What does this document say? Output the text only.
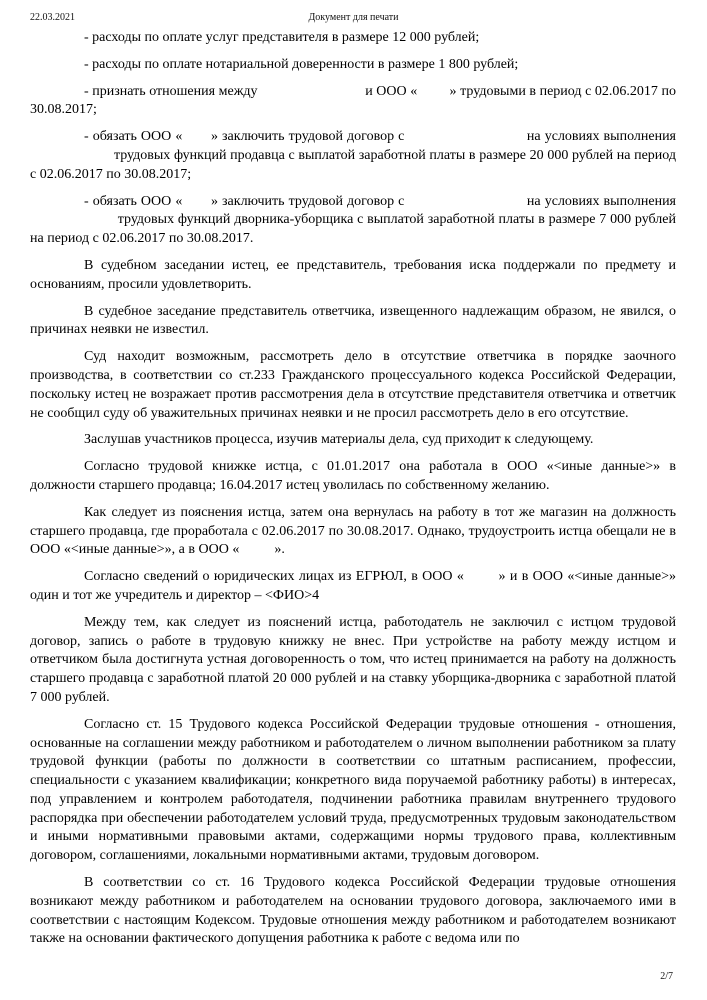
Документ для печати
22.03.2021

- расходы по оплате услуг представителя в размере 12 000 рублей;

- расходы по оплате нотариальной доверенности в размере 1 800 рублей;

- признать отношения между                              и ООО «         » трудовыми в период с 02.06.2017 по 30.08.2017;

- обязать ООО «       » заключить трудовой договор с                              на условиях выполнения                        трудовых функций продавца с выплатой заработной платы в размере 20 000 рублей на период с 02.06.2017 по 30.08.2017;

- обязать ООО «       » заключить трудовой договор с                              на условиях выполнения                        трудовых функций дворника-уборщика с выплатой заработной платы в размере 7 000 рублей на период с 02.06.2017 по 30.08.2017.

В судебном заседании истец, ее представитель, требования иска поддержали по предмету и основаниям, просили удовлетворить.

В судебное заседание представитель ответчика, извещенного надлежащим образом, не явился, о причинах неявки не известил.

Суд находит возможным, рассмотреть дело в отсутствие ответчика в порядке заочного производства, в соответствии со ст.233 Гражданского процессуального кодекса Российской Федерации, поскольку истец не возражает против рассмотрения дела в отсутствие представителя ответчика и ответчик не сообщил суду об уважительных причинах неявки и не просил рассмотреть дело в его отсутствие.

Заслушав участников процесса, изучив материалы дела, суд приходит к следующему.

Согласно трудовой книжке истца, с 01.01.2017 она работала в ООО «<иные данные>» в должности старшего продавца; 16.04.2017 истец уволилась по собственному желанию.

Как следует из пояснения истца, затем она вернулась на работу в тот же магазин на должность старшего продавца, где проработала с 02.06.2017 по 30.08.2017. Однако, трудоустроить истца обещали не в ООО «<иные данные>», а в ООО «          ».

Согласно сведений о юридических лицах из ЕГРЮЛ, в ООО «        » и в ООО «<иные данные>» один и тот же учредитель и директор – <ФИО>4

Между тем, как следует из пояснений истца, работодатель не заключил с истцом трудовой договор, запись о работе в трудовую книжку не внес. При устройстве на работу между истцом и ответчиком была достигнута устная договоренность о том, что истец принимается на работу на должность старшего продавца с заработной платой 20 000 рублей и на ставку уборщика-дворника с заработной платой 7 000 рублей.

Согласно ст. 15 Трудового кодекса Российской Федерации трудовые отношения - отношения, основанные на соглашении между работником и работодателем о личном выполнении работником за плату трудовой функции (работы по должности в соответствии со штатным расписанием, профессии, специальности с указанием квалификации; конкретного вида поручаемой работнику работы) в интересах, под управлением и контролем работодателя, подчинении работника правилам внутреннего трудового распорядка при обеспечении работодателем условий труда, предусмотренных трудовым законодательством и иными нормативными правовыми актами, содержащими нормы трудового права, коллективным договором, соглашениями, локальными нормативными актами, трудовым договором.

В соответствии со ст. 16 Трудового кодекса Российской Федерации трудовые отношения возникают между работником и работодателем на основании трудового договора, заключаемого ими в соответствии с настоящим Кодексом. Трудовые отношения между работником и работодателем возникают также на основании фактического допущения работника к работе с ведома или по

2/7
